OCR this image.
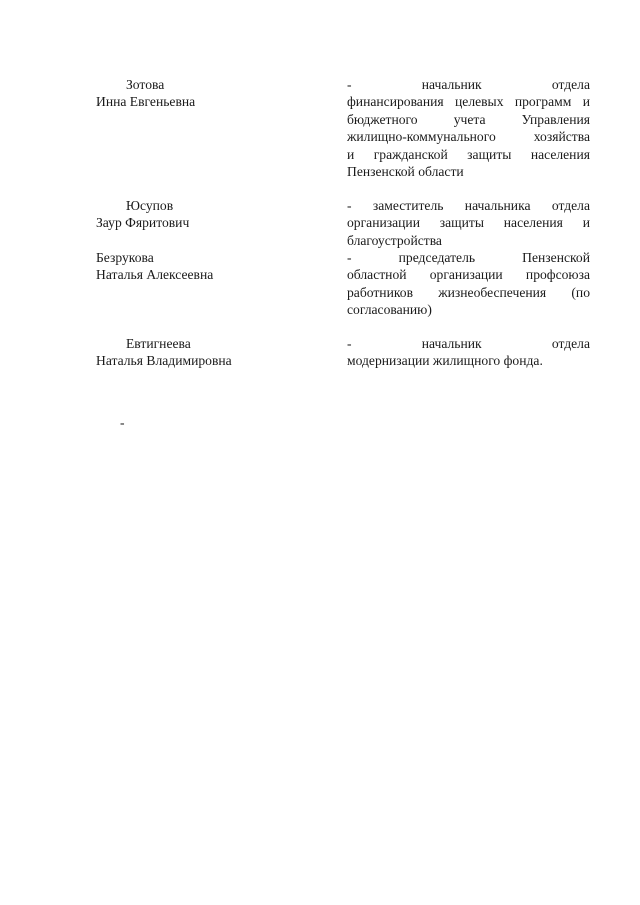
Зотова
Инна Евгеньевна
- начальник отдела
финансирования целевых программ и
бюджетного учета Управления
жилищно-коммунального хозяйства
и гражданской защиты населения
Пензенской области
Юсупов
Заур Фяритович
- заместитель начальника отдела
организации защиты населения и
благоустройства
Безрукова
Наталья Алексеевна
- председатель Пензенской
областной организации профсоюза
работников жизнеобеспечения (по
согласованию)
Евтигнеева
Наталья Владимировна
- начальник отдела
модернизации жилищного фонда.
-
